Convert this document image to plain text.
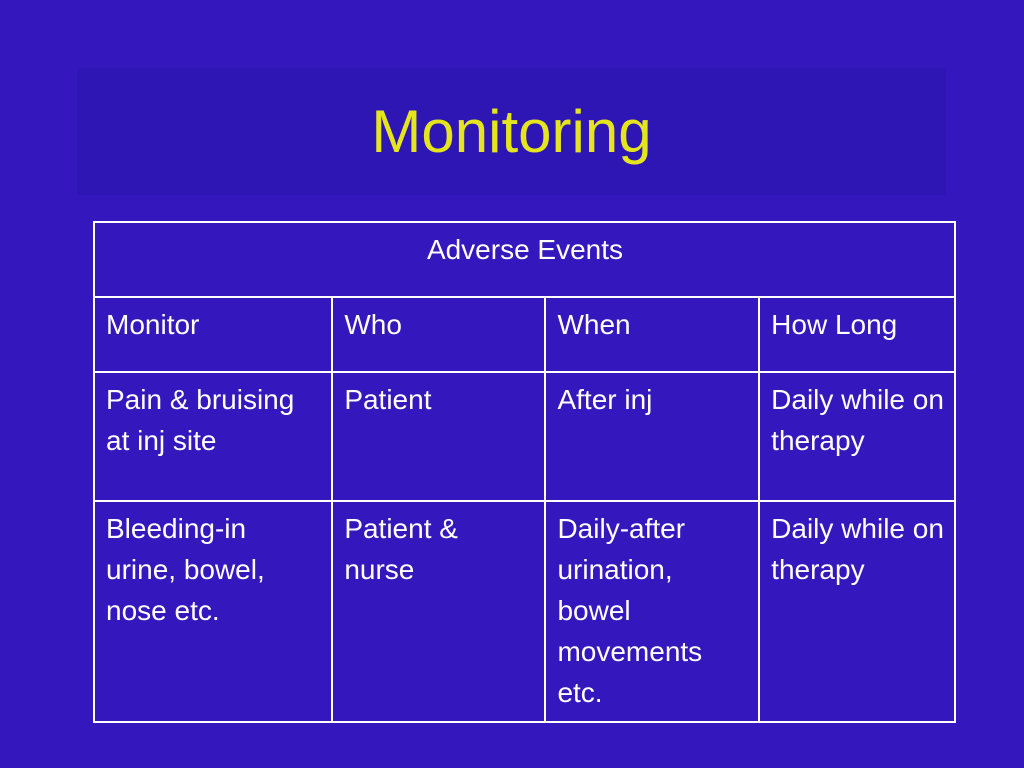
Monitoring
Adverse Events			
Monitor	Who	When	How Long
Pain & bruising at inj site	Patient	After inj	Daily while on therapy
Bleeding-in urine, bowel, nose etc.	Patient & nurse	Daily-after urination, bowel movements etc.	Daily while on therapy
